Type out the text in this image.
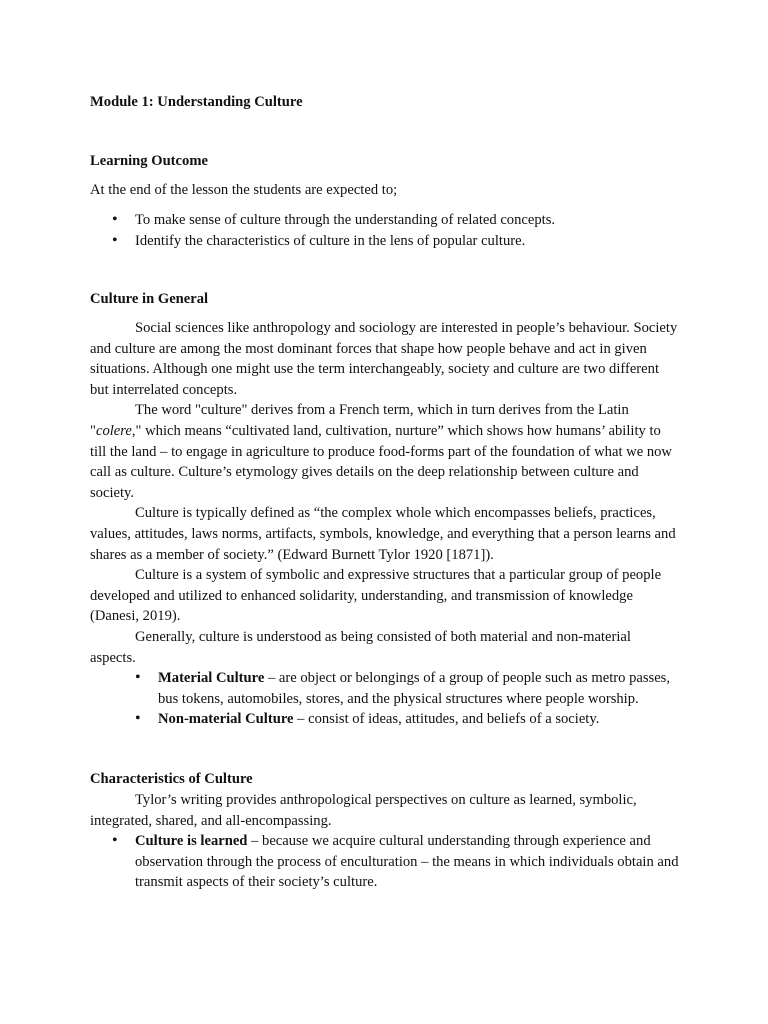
Module 1: Understanding Culture
Learning Outcome
At the end of the lesson the students are expected to;
• To make sense of culture through the understanding of related concepts.
• Identify the characteristics of culture in the lens of popular culture.
Culture in General

Social sciences like anthropology and sociology are interested in people’s behaviour. Society and culture are among the most dominant forces that shape how people behave and act in given situations. Although one might use the term interchangeably, society and culture are two different but interrelated concepts.

The word "culture" derives from a French term, which in turn derives from the Latin "colere," which means “cultivated land, cultivation, nurture” which shows how humans’ ability to till the land – to engage in agriculture to produce food-forms part of the foundation of what we now call as culture. Culture’s etymology gives details on the deep relationship between culture and society.

Culture is typically defined as “the complex whole which encompasses beliefs, practices, values, attitudes, laws norms, artifacts, symbols, knowledge, and everything that a person learns and shares as a member of society.” (Edward Burnett Tylor 1920 [1871]).

Culture is a system of symbolic and expressive structures that a particular group of people developed and utilized to enhanced solidarity, understanding, and transmission of knowledge (Danesi, 2019).

Generally, culture is understood as being consisted of both material and non-material aspects.

• Material Culture – are object or belongings of a group of people such as metro passes, bus tokens, automobiles, stores, and the physical structures where people worship.
• Non-material Culture – consist of ideas, attitudes, and beliefs of a society.
Characteristics of Culture

Tylor’s writing provides anthropological perspectives on culture as learned, symbolic, integrated, shared, and all-encompassing.

• Culture is learned – because we acquire cultural understanding through experience and observation through the process of enculturation – the means in which individuals obtain and transmit aspects of their society’s culture.
